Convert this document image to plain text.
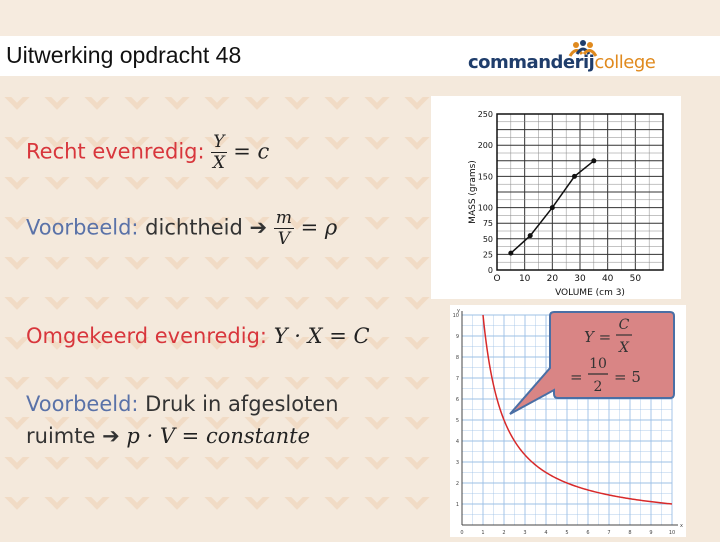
Uitwerking opdracht 48	commanderijcollege
Recht evenredig: $\frac{Y}{X} = c$
Voorbeeld: dichtheid ➔ $\frac{m}{V} = \rho$
Omgekeerd evenredig: Y · X = C
Voorbeeld: Druk in afgesloten
ruimte ➔ p · V = constante
0
25
50
75
100
150
200
250
O 10 20 30 40 50
VOLUME (cm 3)
MASS (grams)
0	1	2	3	4	5	6	7	8	9	10
1
2
3
4
5
6
7
8
9
10
x
y
Y =
C
X
=
10
2
= 5
